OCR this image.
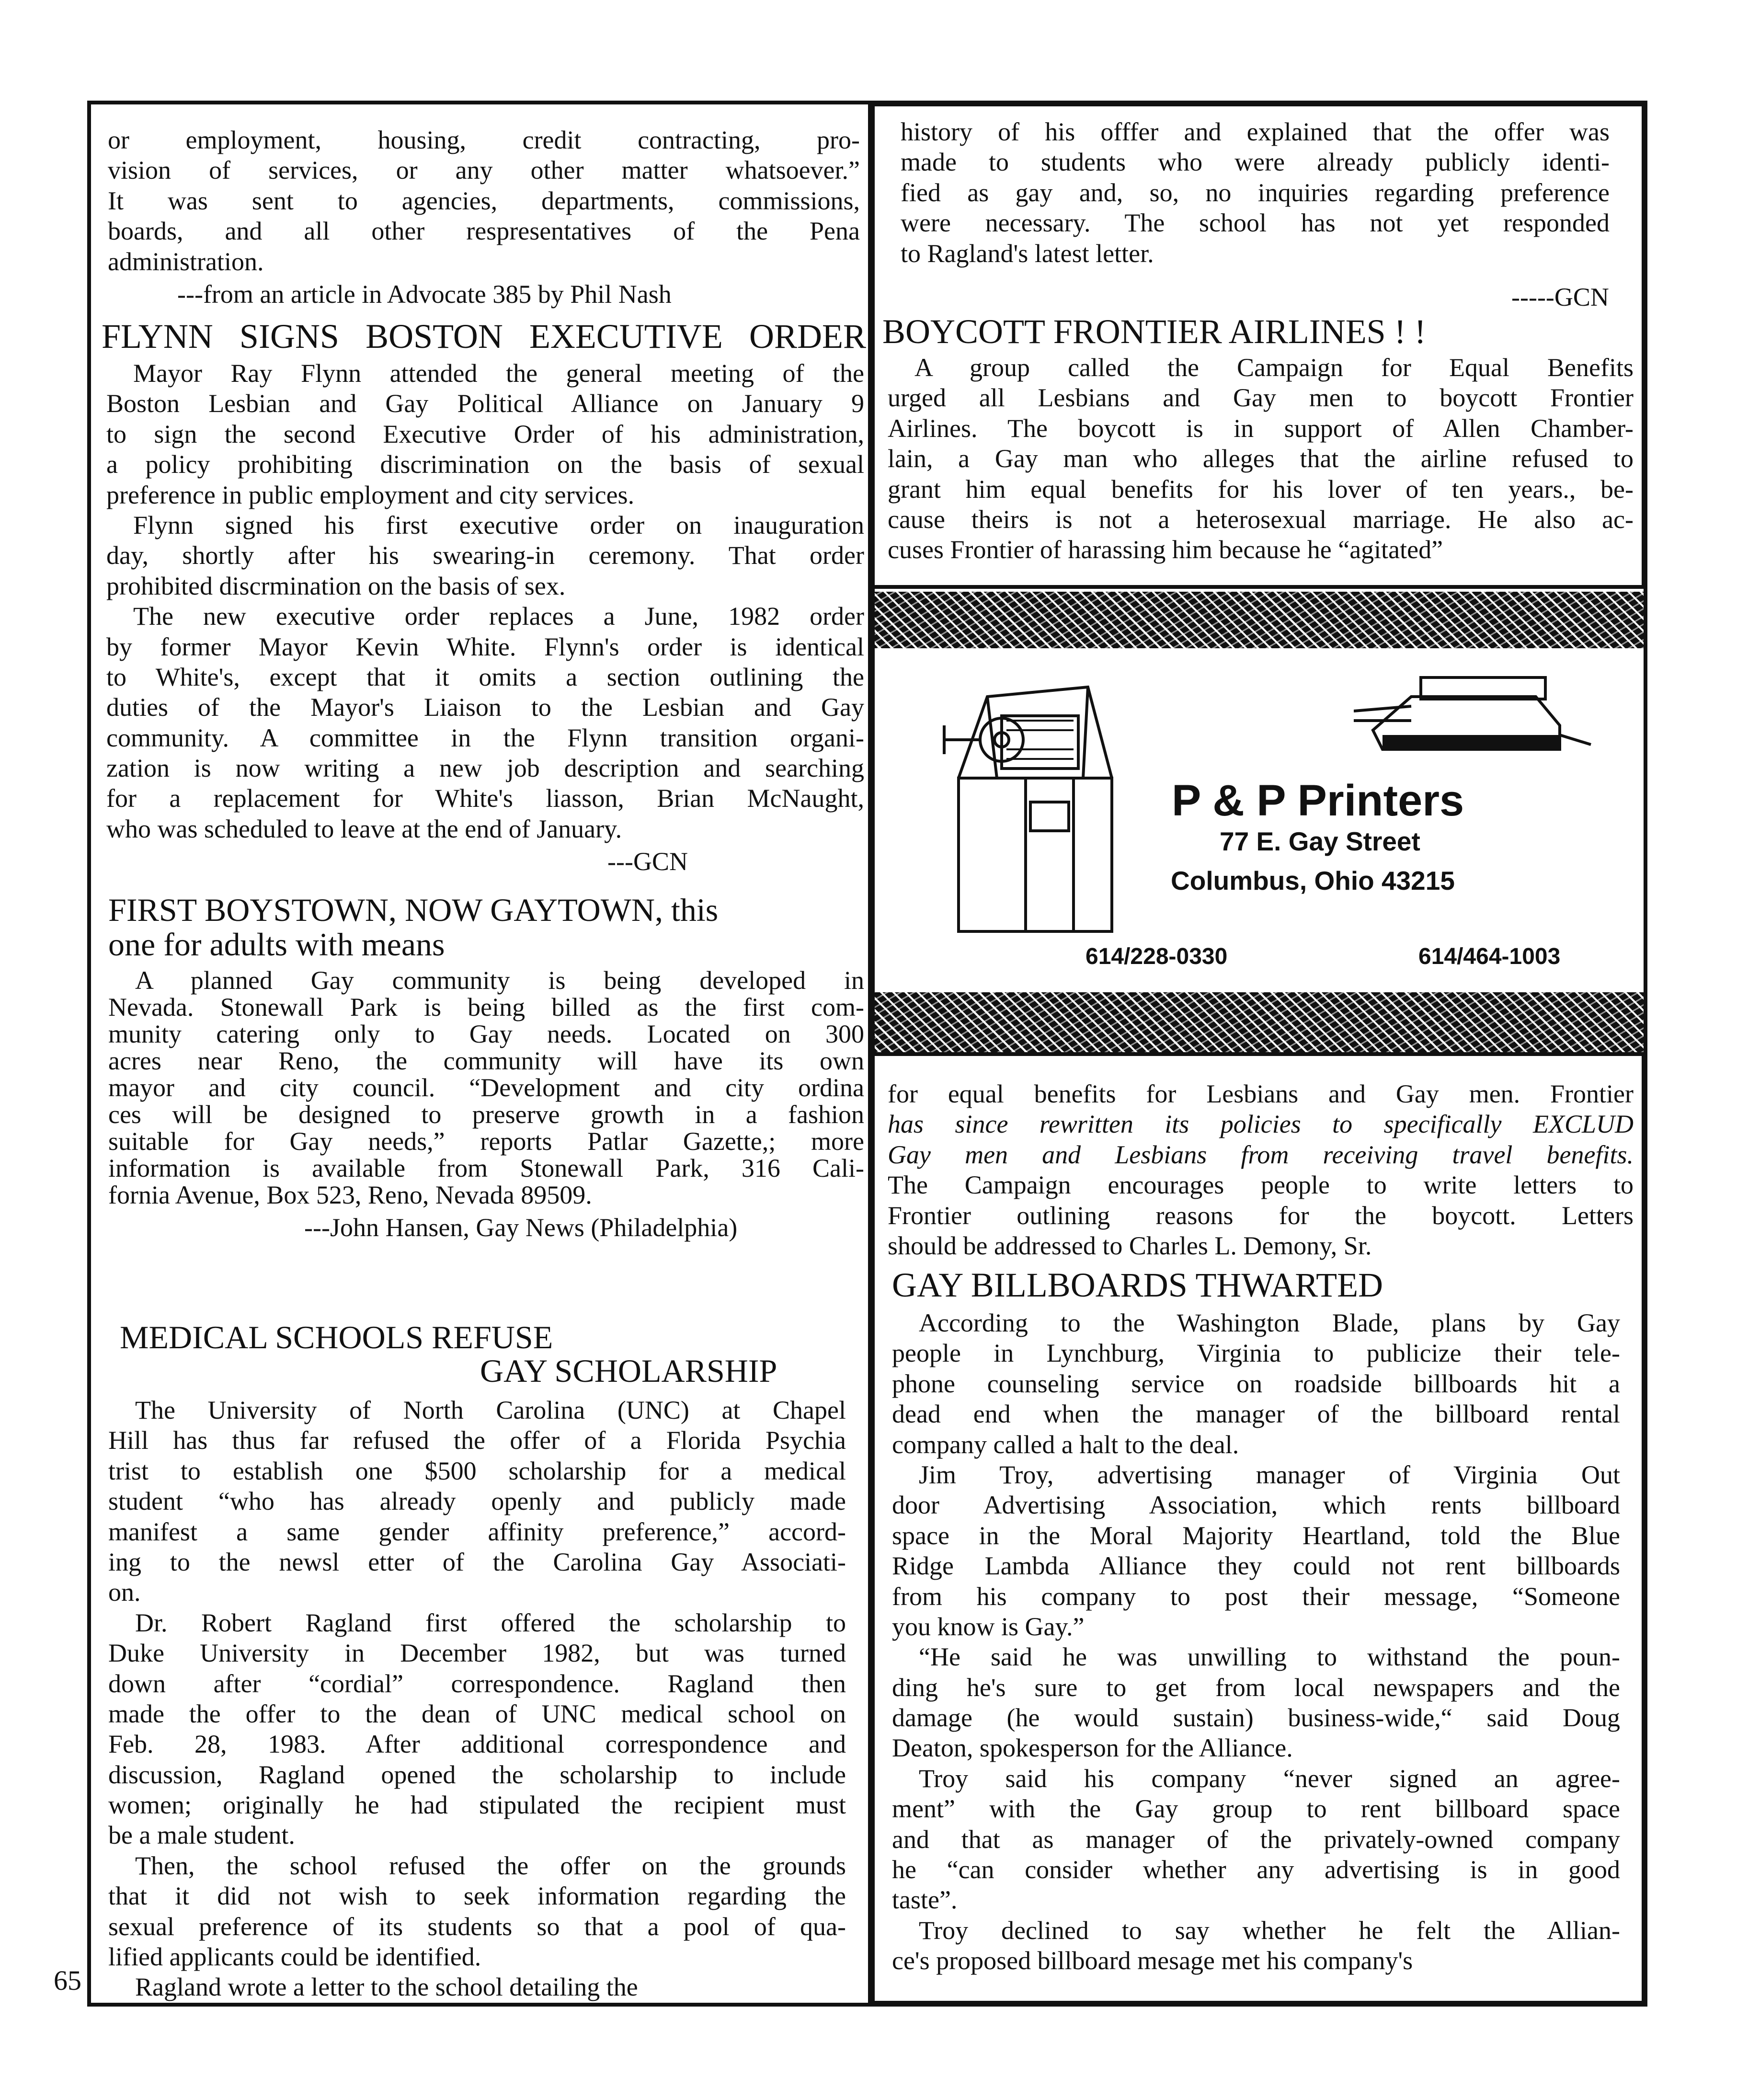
65
or employment, housing, credit contracting, pro-
vision of services, or any other matter whatsoever.”
It was sent to agencies, departments, commissions,
boards, and all other respresentatives of the Pena
administration.
---from an article in Advocate 385 by Phil Nash
FLYNN SIGNS BOSTON EXECUTIVE ORDER
Mayor Ray Flynn attended the general meeting of the
Boston Lesbian and Gay Political Alliance on January 9
to sign the second Executive Order of his administration,
a policy prohibiting discrimination on the basis of sexual
preference in public employment and city services.
Flynn signed his first executive order on inauguration
day, shortly after his swearing-in ceremony. That order
prohibited discrmination on the basis of sex.
The new executive order replaces a June, 1982 order
by former Mayor Kevin White. Flynn's order is identical
to White's, except that it omits a section outlining the
duties of the Mayor's Liaison to the Lesbian and Gay
community. A committee in the Flynn transition organi-
zation is now writing a new job description and searching
for a replacement for White's liasson, Brian McNaught,
who was scheduled to leave at the end of January.
---GCN
FIRST BOYSTOWN, NOW GAYTOWN, this
one for adults with means
A planned Gay community is being developed in
Nevada. Stonewall Park is being billed as the first com-
munity catering only to Gay needs. Located on 300
acres near Reno, the community will have its own
mayor and city council. “Development and city ordina
ces will be designed to preserve growth in a fashion
suitable for Gay needs,” reports Patlar Gazette,; more
information is available from Stonewall Park, 316 Cali-
fornia Avenue, Box 523, Reno, Nevada 89509.
---John Hansen, Gay News (Philadelphia)
MEDICAL SCHOOLS REFUSE
GAY SCHOLARSHIP
The University of North Carolina (UNC) at Chapel
Hill has thus far refused the offer of a Florida Psychia
trist to establish one $500 scholarship for a medical
student “who has already openly and publicly made
manifest a same gender affinity preference,” accord-
ing to the newsl etter of the Carolina Gay Associati-
on.
Dr. Robert Ragland first offered the scholarship to
Duke University in December 1982, but was turned
down after “cordial” correspondence. Ragland then
made the offer to the dean of UNC medical school on
Feb. 28, 1983. After additional correspondence and
discussion, Ragland opened the scholarship to include
women; originally he had stipulated the recipient must
be a male student.
Then, the school refused the offer on the grounds
that it did not wish to seek information regarding the
sexual preference of its students so that a pool of qua-
lified applicants could be identified.
Ragland wrote a letter to the school detailing the
history of his offfer and explained that the offer was
made to students who were already publicly identi-
fied as gay and, so, no inquiries regarding preference
were necessary. The school has not yet responded
to Ragland's latest letter.
-----GCN
BOYCOTT FRONTIER AIRLINES ! !
A group called the Campaign for Equal Benefits
urged all Lesbians and Gay men to boycott Frontier
Airlines. The boycott is in support of Allen Chamber-
lain, a Gay man who alleges that the airline refused to
grant him equal benefits for his lover of ten years., be-
cause theirs is not a heterosexual marriage. He also ac-
cuses Frontier of harassing him because he “agitated”
P & P Printers
77 E. Gay Street
Columbus, Ohio 43215
614/228-0330	614/464-1003
for equal benefits for Lesbians and Gay men. Frontier
has since rewritten its policies to specifically EXCLUD
Gay men and Lesbians from receiving travel benefits.
The Campaign encourages people to write letters to
Frontier outlining reasons for the boycott. Letters
should be addressed to Charles L. Demony, Sr.
GAY BILLBOARDS THWARTED
According to the Washington Blade, plans by Gay
people in Lynchburg, Virginia to publicize their tele-
phone counseling service on roadside billboards hit a
dead end when the manager of the billboard rental
company called a halt to the deal.
Jim Troy, advertising manager of Virginia Out
door Advertising Association, which rents billboard
space in the Moral Majority Heartland, told the Blue
Ridge Lambda Alliance they could not rent billboards
from his company to post their message, “Someone
you know is Gay.”
“He said he was unwilling to withstand the poun-
ding he's sure to get from local newspapers and the
damage (he would sustain) business-wide,“ said Doug
Deaton, spokesperson for the Alliance.
Troy said his company “never signed an agree-
ment” with the Gay group to rent billboard space
and that as manager of the privately-owned company
he “can consider whether any advertising is in good
taste”.
Troy declined to say whether he felt the Allian-
ce's proposed billboard mesage met his company's
